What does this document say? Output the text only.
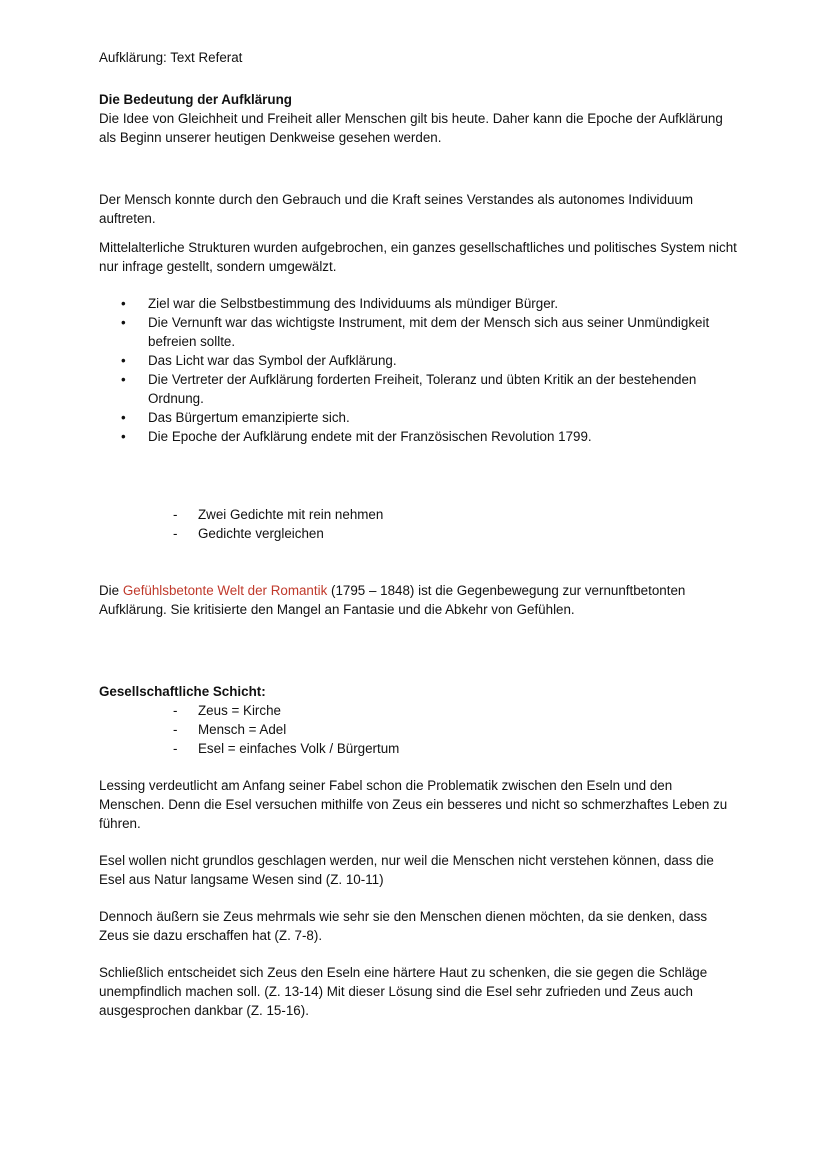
Aufklärung: Text Referat

Die Bedeutung der Aufklärung

Die Idee von Gleichheit und Freiheit aller Menschen gilt bis heute. Daher kann die Epoche der Aufklärung als Beginn unserer heutigen Denkweise gesehen werden.

Der Mensch konnte durch den Gebrauch und die Kraft seines Verstandes als autonomes Individuum auftreten.

Mittelalterliche Strukturen wurden aufgebrochen, ein ganzes gesellschaftliches und politisches System nicht nur infrage gestellt, sondern umgewälzt.

• Ziel war die Selbstbestimmung des Individuums als mündiger Bürger.
• Die Vernunft war das wichtigste Instrument, mit dem der Mensch sich aus seiner Unmündigkeit befreien sollte.
• Das Licht war das Symbol der Aufklärung.
• Die Vertreter der Aufklärung forderten Freiheit, Toleranz und übten Kritik an der bestehenden Ordnung.
• Das Bürgertum emanzipierte sich.
• Die Epoche der Aufklärung endete mit der Französischen Revolution 1799.
- Zwei Gedichte mit rein nehmen
- Gedichte vergleichen

Die Gefühlsbetonte Welt der Romantik (1795 – 1848) ist die Gegenbewegung zur vernunftbetonten Aufklärung. Sie kritisierte den Mangel an Fantasie und die Abkehr von Gefühlen.

Gesellschaftliche Schicht:

- Zeus = Kirche
- Mensch = Adel
- Esel = einfaches Volk / Bürgertum

Lessing verdeutlicht am Anfang seiner Fabel schon die Problematik zwischen den Eseln und den Menschen. Denn die Esel versuchen mithilfe von Zeus ein besseres und nicht so schmerzhaftes Leben zu führen.

Esel wollen nicht grundlos geschlagen werden, nur weil die Menschen nicht verstehen können, dass die Esel aus Natur langsame Wesen sind (Z. 10-11)

Dennoch äußern sie Zeus mehrmals wie sehr sie den Menschen dienen möchten, da sie denken, dass Zeus sie dazu erschaffen hat (Z. 7-8).

Schließlich entscheidet sich Zeus den Eseln eine härtere Haut zu schenken, die sie gegen die Schläge unempfindlich machen soll. (Z. 13-14) Mit dieser Lösung sind die Esel sehr zufrieden und Zeus auch ausgesprochen dankbar (Z. 15-16).
